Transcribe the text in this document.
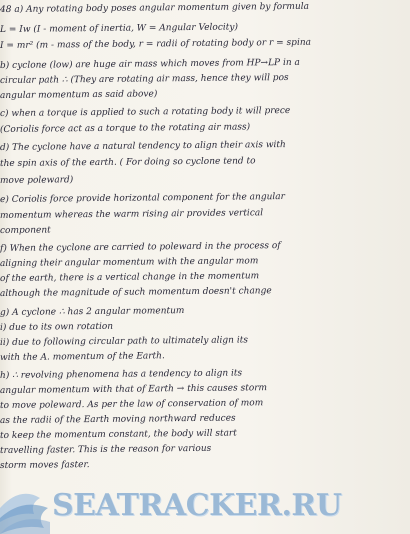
48 a) Any rotating body poses angular momentum given by formula
L = Iw (I - moment of inertia, W = Angular Velocity)
I = mr² (m - mass of the body, r = radii of rotating body or r = spina
b) cyclone (low) are huge air mass which moves from HP→LP in a
circular path ∴ (They are rotating air mass, hence they will pos
angular momentum as said above)
c) when a torque is applied to such a rotating body it will prece
(Coriolis force act as a torque to the rotating air mass)
d) The cyclone have a natural tendency to align their axis with
the spin axis of the earth. ( For doing so cyclone tend to
move poleward)
e) Coriolis force provide horizontal component for the angular
momentum whereas the warm rising air provides vertical
component
f) When the cyclone are carried to poleward in the process of
aligning their angular momentum with the angular mom
of the earth, there is a vertical change in the momentum
although the magnitude of such momentum doesn't change
g) A cyclone ∴ has 2 angular momentum
i) due to its own rotation
ii) due to following circular path to ultimately align its
with the A. momentum of the Earth.
h) ∴ revolving phenomena has a tendency to align its
angular momentum with that of Earth → this causes storm
to move poleward. As per the law of conservation of mom
as the radii of the Earth moving northward reduces
to keep the momentum constant, the body will start
travelling faster. This is the reason for various
storm moves faster.
SEATRACKER.RU
